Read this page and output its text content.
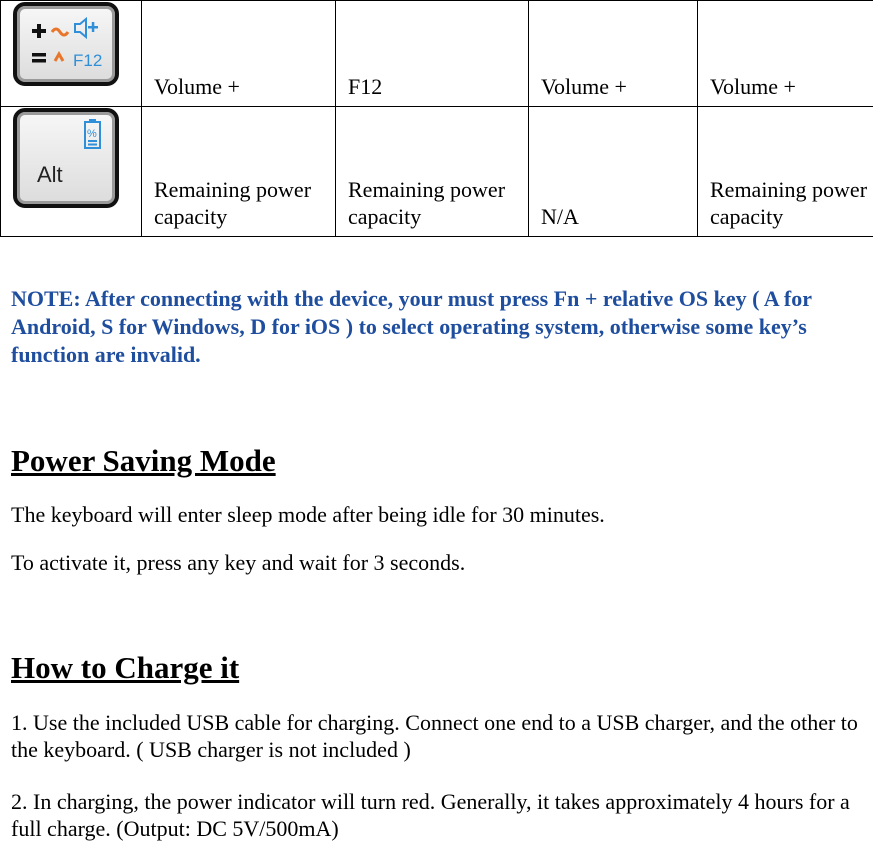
F12	Volume +	F12	Volume +	Volume +

%
Alt	Remaining power capacity	Remaining power capacity	N/A	Remaining power capacity

NOTE: After connecting with the device, your must press Fn + relative OS key ( A for Android, S for Windows, D for iOS ) to select operating system, otherwise some key’s function are invalid.

Power Saving Mode

The keyboard will enter sleep mode after being idle for 30 minutes.

To activate it, press any key and wait for 3 seconds.

How to Charge it

1. Use the included USB cable for charging. Connect one end to a USB charger, and the other to the keyboard. ( USB charger is not included )

2. In charging, the power indicator will turn red. Generally, it takes approximately 4 hours for a full charge. (Output: DC 5V/500mA)
